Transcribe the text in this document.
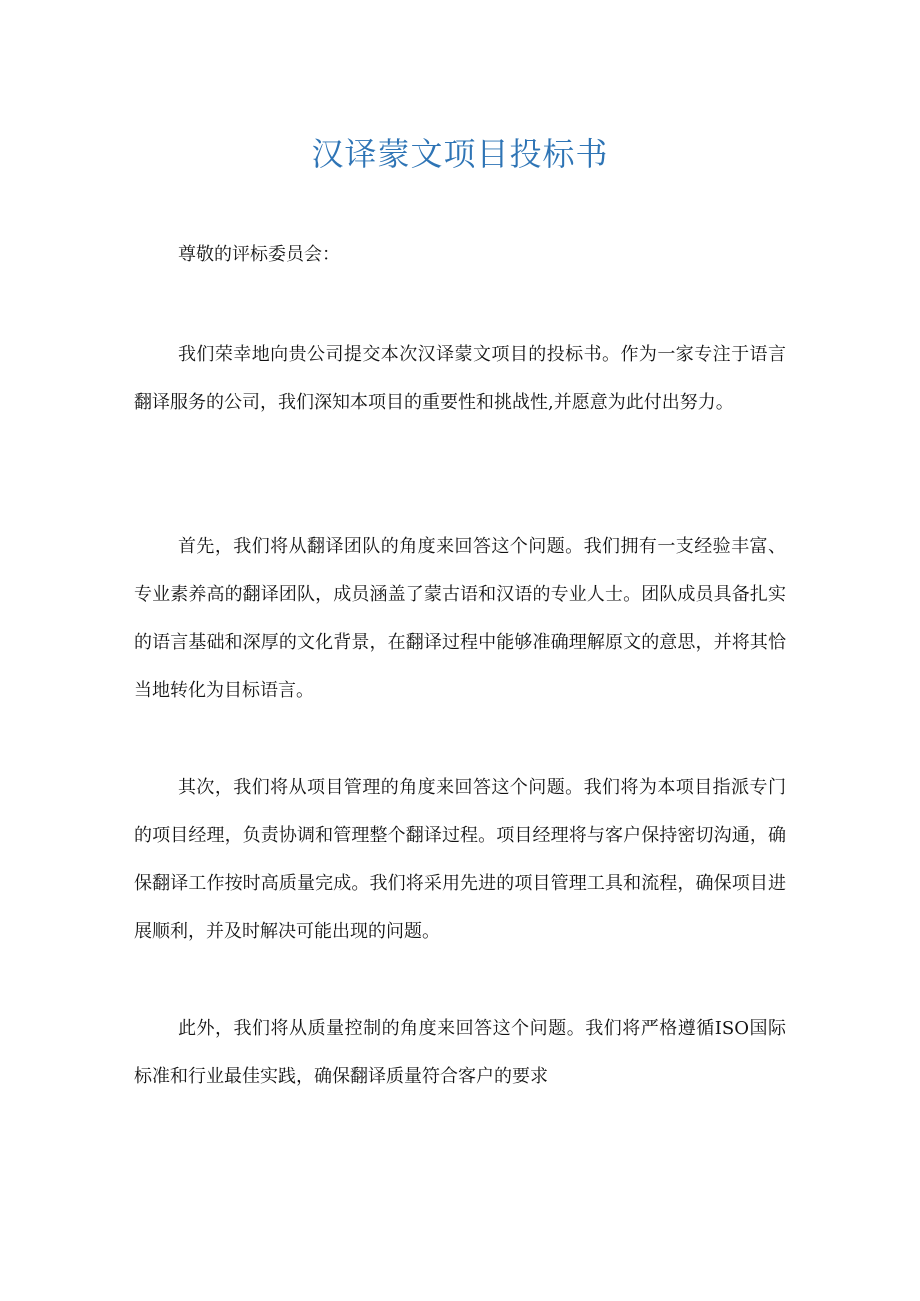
汉译蒙文项目投标书
尊敬的评标委员会：
我们荣幸地向贵公司提交本次汉译蒙文项目的投标书。作为一家专注于语言翻译服务的公司，我们深知本项目的重要性和挑战性,并愿意为此付出努力。
首先，我们将从翻译团队的角度来回答这个问题。我们拥有一支经验丰富、专业素养高的翻译团队，成员涵盖了蒙古语和汉语的专业人士。团队成员具备扎实的语言基础和深厚的文化背景，在翻译过程中能够准确理解原文的意思，并将其恰当地转化为目标语言。
其次，我们将从项目管理的角度来回答这个问题。我们将为本项目指派专门的项目经理，负责协调和管理整个翻译过程。项目经理将与客户保持密切沟通，确保翻译工作按时高质量完成。我们将采用先进的项目管理工具和流程，确保项目进展顺利，并及时解决可能出现的问题。
此外，我们将从质量控制的角度来回答这个问题。我们将严格遵循ISO国际标准和行业最佳实践，确保翻译质量符合客户的要求
